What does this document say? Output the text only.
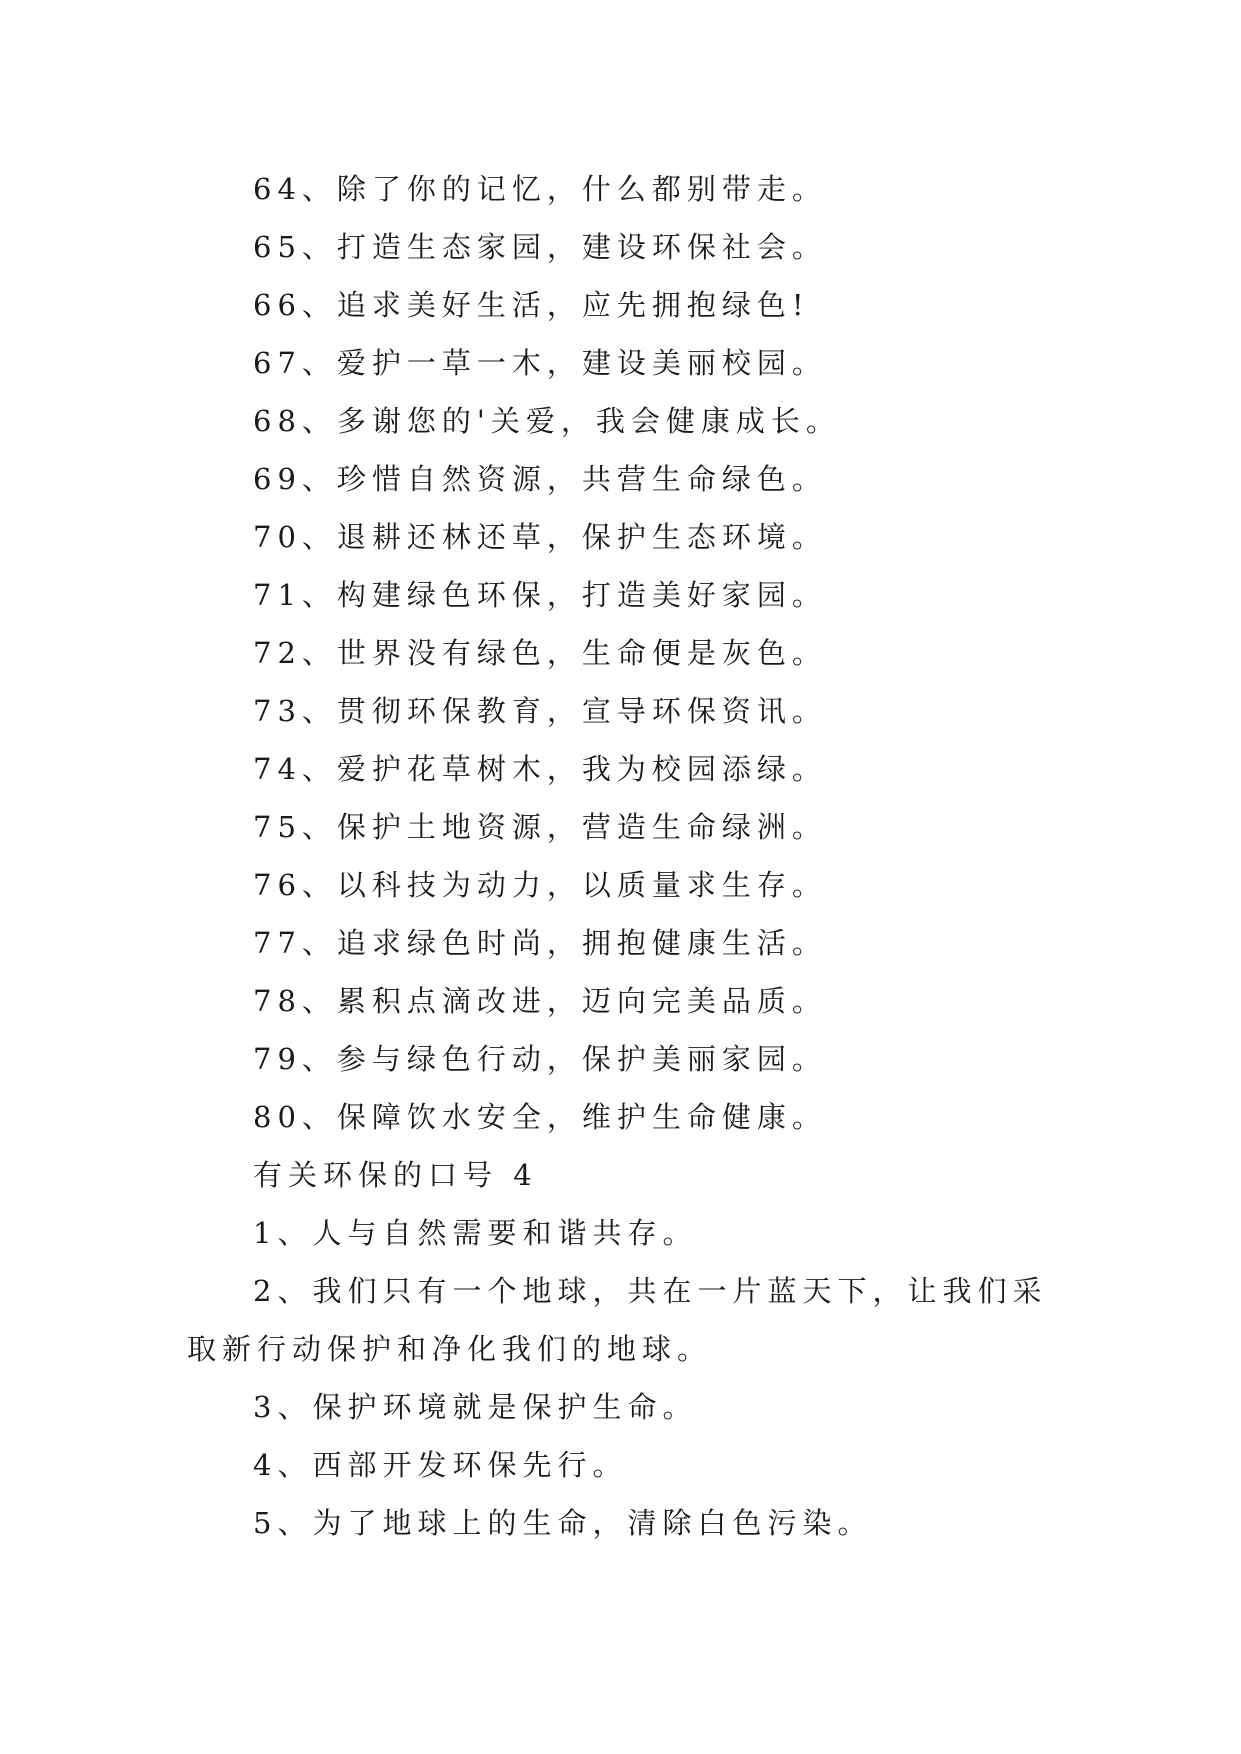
64、除了你的记忆，什么都别带走。
65、打造生态家园，建设环保社会。
66、追求美好生活，应先拥抱绿色!
67、爱护一草一木，建设美丽校园。
68、多谢您的'关爱，我会健康成长。
69、珍惜自然资源，共营生命绿色。
70、退耕还林还草，保护生态环境。
71、构建绿色环保，打造美好家园。
72、世界没有绿色，生命便是灰色。
73、贯彻环保教育，宣导环保资讯。
74、爱护花草树木，我为校园添绿。
75、保护土地资源，营造生命绿洲。
76、以科技为动力，以质量求生存。
77、追求绿色时尚，拥抱健康生活。
78、累积点滴改进，迈向完美品质。
79、参与绿色行动，保护美丽家园。
80、保障饮水安全，维护生命健康。
有关环保的口号 4
1、人与自然需要和谐共存。
2、我们只有一个地球，共在一片蓝天下，让我们采取新行动保护和净化我们的地球。
3、保护环境就是保护生命。
4、西部开发环保先行。
5、为了地球上的生命，清除白色污染。
